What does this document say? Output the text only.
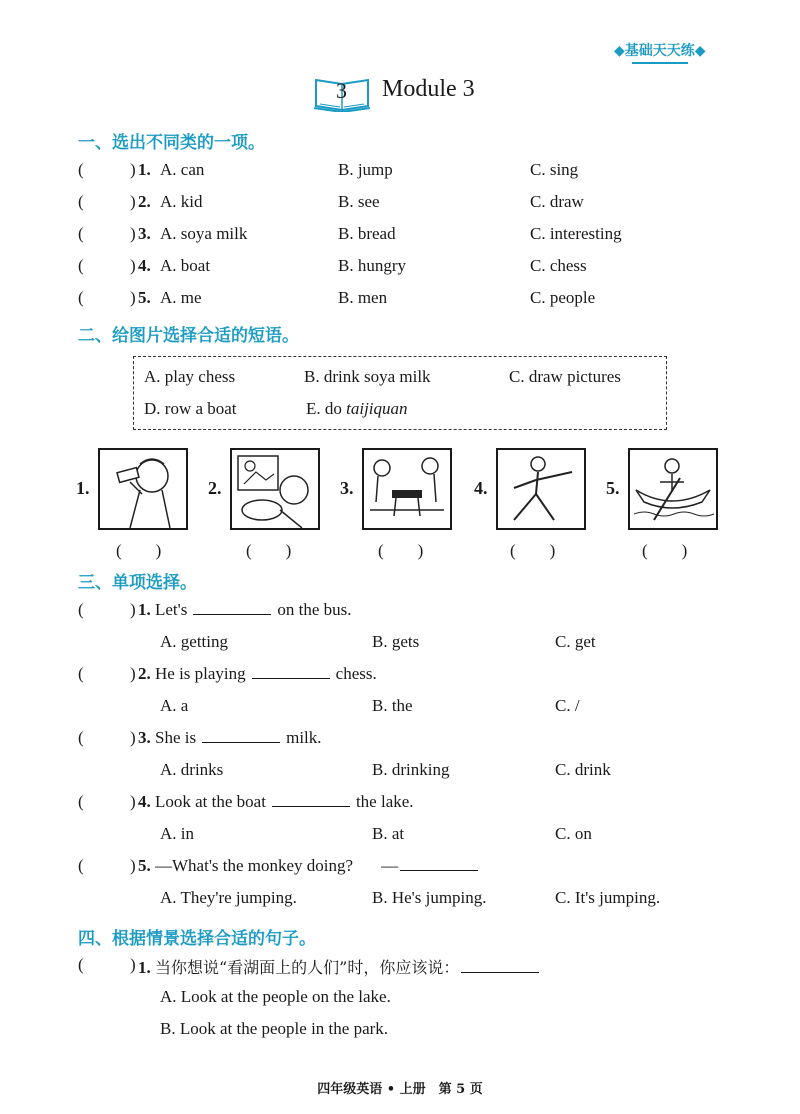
◆基础天天练◆
3 Module 3
一、选出不同类的一项。
(	) 1. A. can	B. jump	C. sing
(	) 2. A. kid	B. see	C. draw
(	) 3. A. soya milk	B. bread	C. interesting
(	) 4. A. boat	B. hungry	C. chess
(	) 5. A. me	B. men	C. people
二、给图片选择合适的短语。
A. play chess	B. drink soya milk	C. draw pictures
D. row a boat	E. do taijiquan
1.
(　　)
2.
(　　)
3.
(　　)
4.
(　　)
5.
(　　)
三、单项选择。
(	) 1. Let's	on the bus.
A. getting	B. gets	C. get
(	) 2. He is playing	chess.
A. a	B. the	C. /
(	) 3. She is	milk.
A. drinks	B. drinking	C. drink
(	) 4. Look at the boat	the lake.
A. in	B. at	C. on
(	) 5. —What's the monkey doing? —
A. They're jumping.	B. He's jumping.	C. It's jumping.
四、根据情景选择合适的句子。
(	) 1. 当你想说“看湖面上的人们”时，你应该说：
A. Look at the people on the lake.
B. Look at the people in the park.
四年级英语 • 上册　第 5 页
